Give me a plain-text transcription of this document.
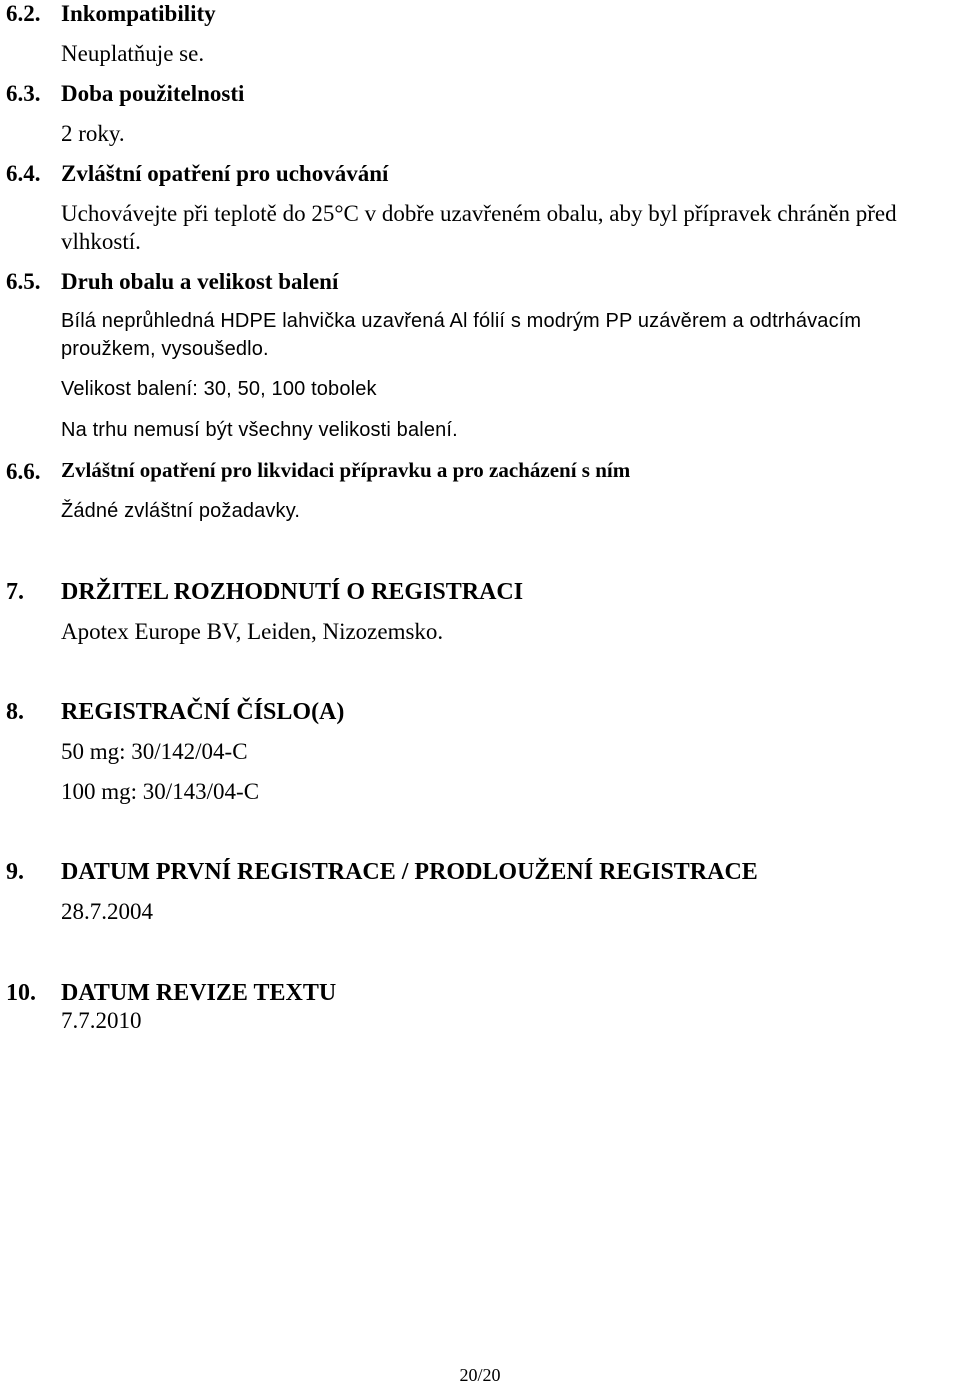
6.2. Inkompatibility
Neuplatňuje se.
6.3. Doba použitelnosti
2 roky.
6.4. Zvláštní opatření pro uchovávání
Uchovávejte při teplotě do 25°C v dobře uzavřeném obalu, aby byl přípravek chráněn před
vlhkostí.
6.5. Druh obalu a velikost balení
Bílá neprůhledná HDPE lahvička uzavřená Al fólií s modrým PP uzávěrem a odtrhávacím
proužkem, vysoušedlo.
Velikost balení: 30, 50, 100 tobolek
Na trhu nemusí být všechny velikosti balení.
6.6. Zvláštní opatření pro likvidaci přípravku a pro zacházení s ním
Žádné zvláštní požadavky.
7. DRŽITEL ROZHODNUTÍ O REGISTRACI
Apotex Europe BV, Leiden, Nizozemsko.
8. REGISTRAČNÍ ČÍSLO(A)
50 mg: 30/142/04-C
100 mg: 30/143/04-C
9. DATUM PRVNÍ REGISTRACE / PRODLOUŽENÍ REGISTRACE
28.7.2004
10. DATUM REVIZE TEXTU
7.7.2010
20/20
